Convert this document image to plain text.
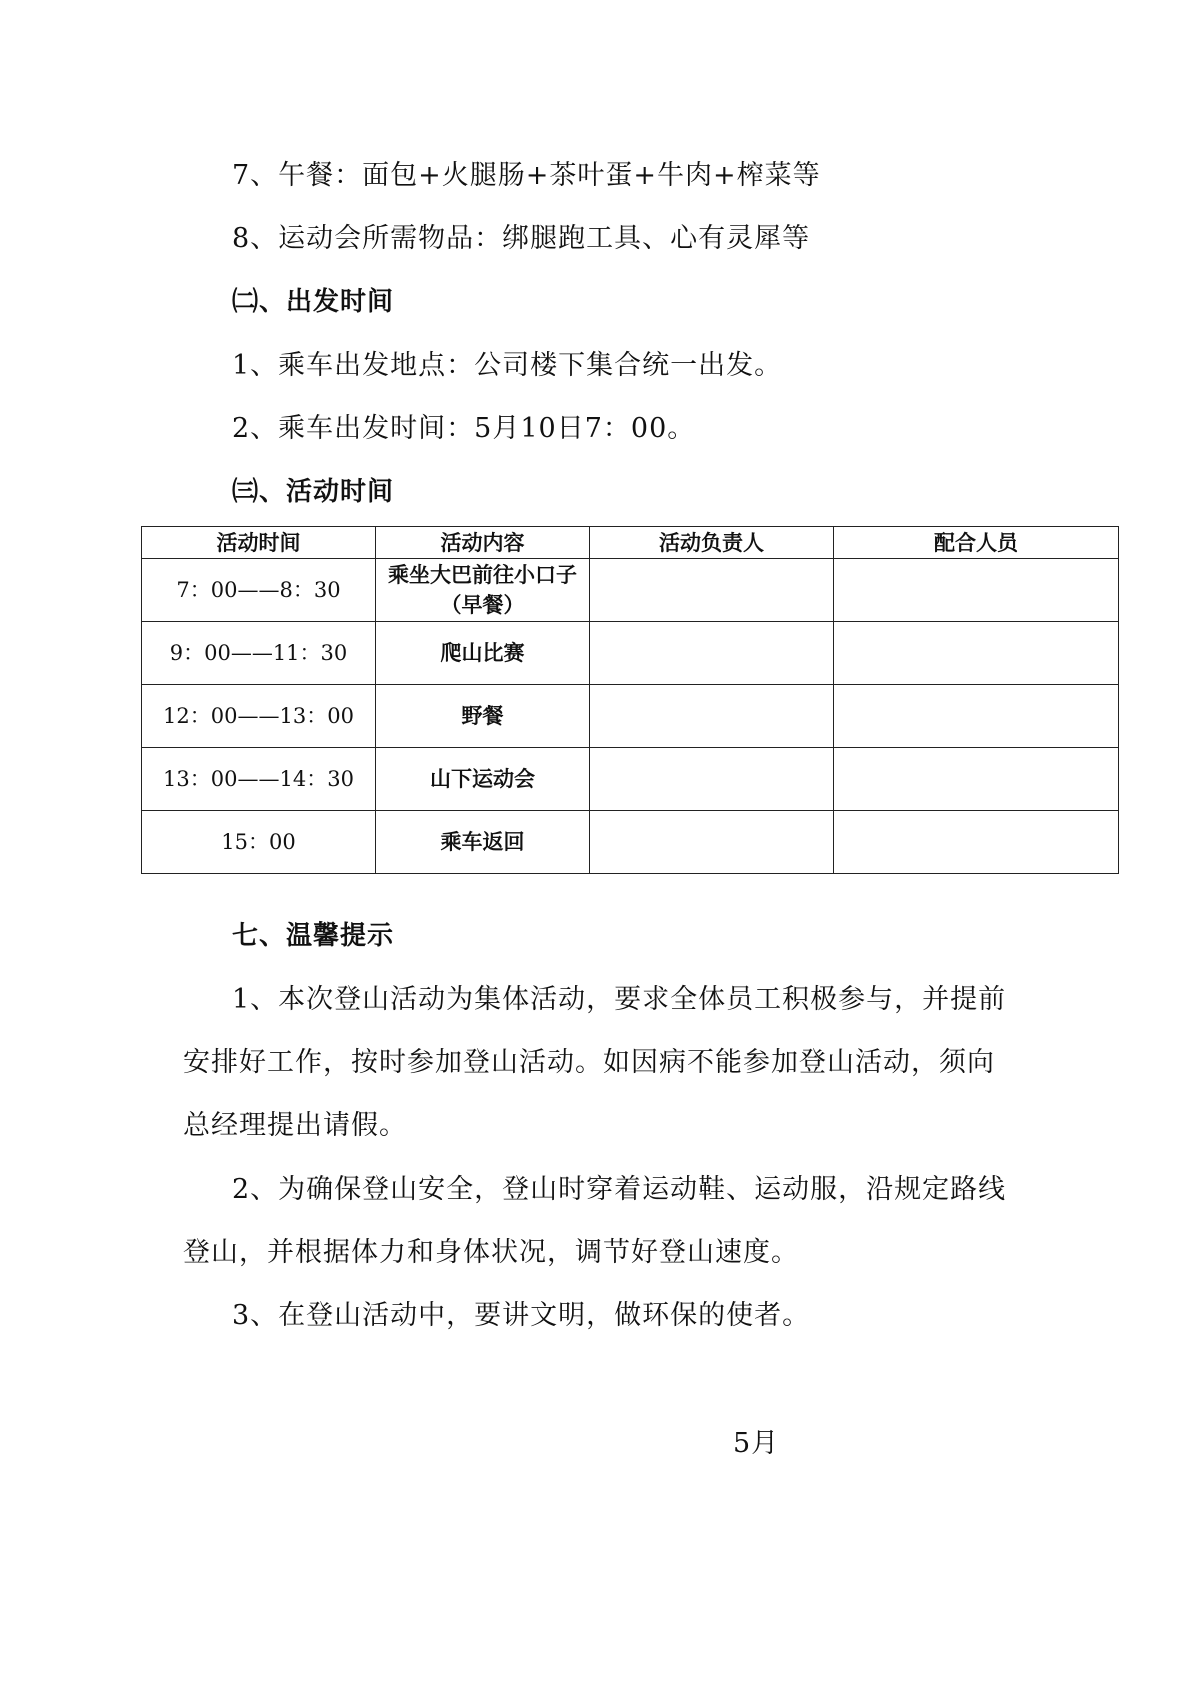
7、午餐：面包+火腿肠+茶叶蛋+牛肉+榨菜等
8、运动会所需物品：绑腿跑工具、心有灵犀等
㈡、出发时间
1、乘车出发地点：公司楼下集合统一出发。
2、乘车出发时间：5月10日7：00。
㈢、活动时间
活动时间	活动内容	活动负责人	配合人员
7：00——8：30	乘坐大巴前往小口子（早餐）		
9：00——11：30	爬山比赛		
12：00——13：00	野餐		
13：00——14：30	山下运动会		
15：00	乘车返回		
七、温馨提示
1、本次登山活动为集体活动，要求全体员工积极参与，并提前
安排好工作，按时参加登山活动。如因病不能参加登山活动，须向
总经理提出请假。
2、为确保登山安全，登山时穿着运动鞋、运动服，沿规定路线
登山，并根据体力和身体状况，调节好登山速度。
3、在登山活动中，要讲文明，做环保的使者。
5月
